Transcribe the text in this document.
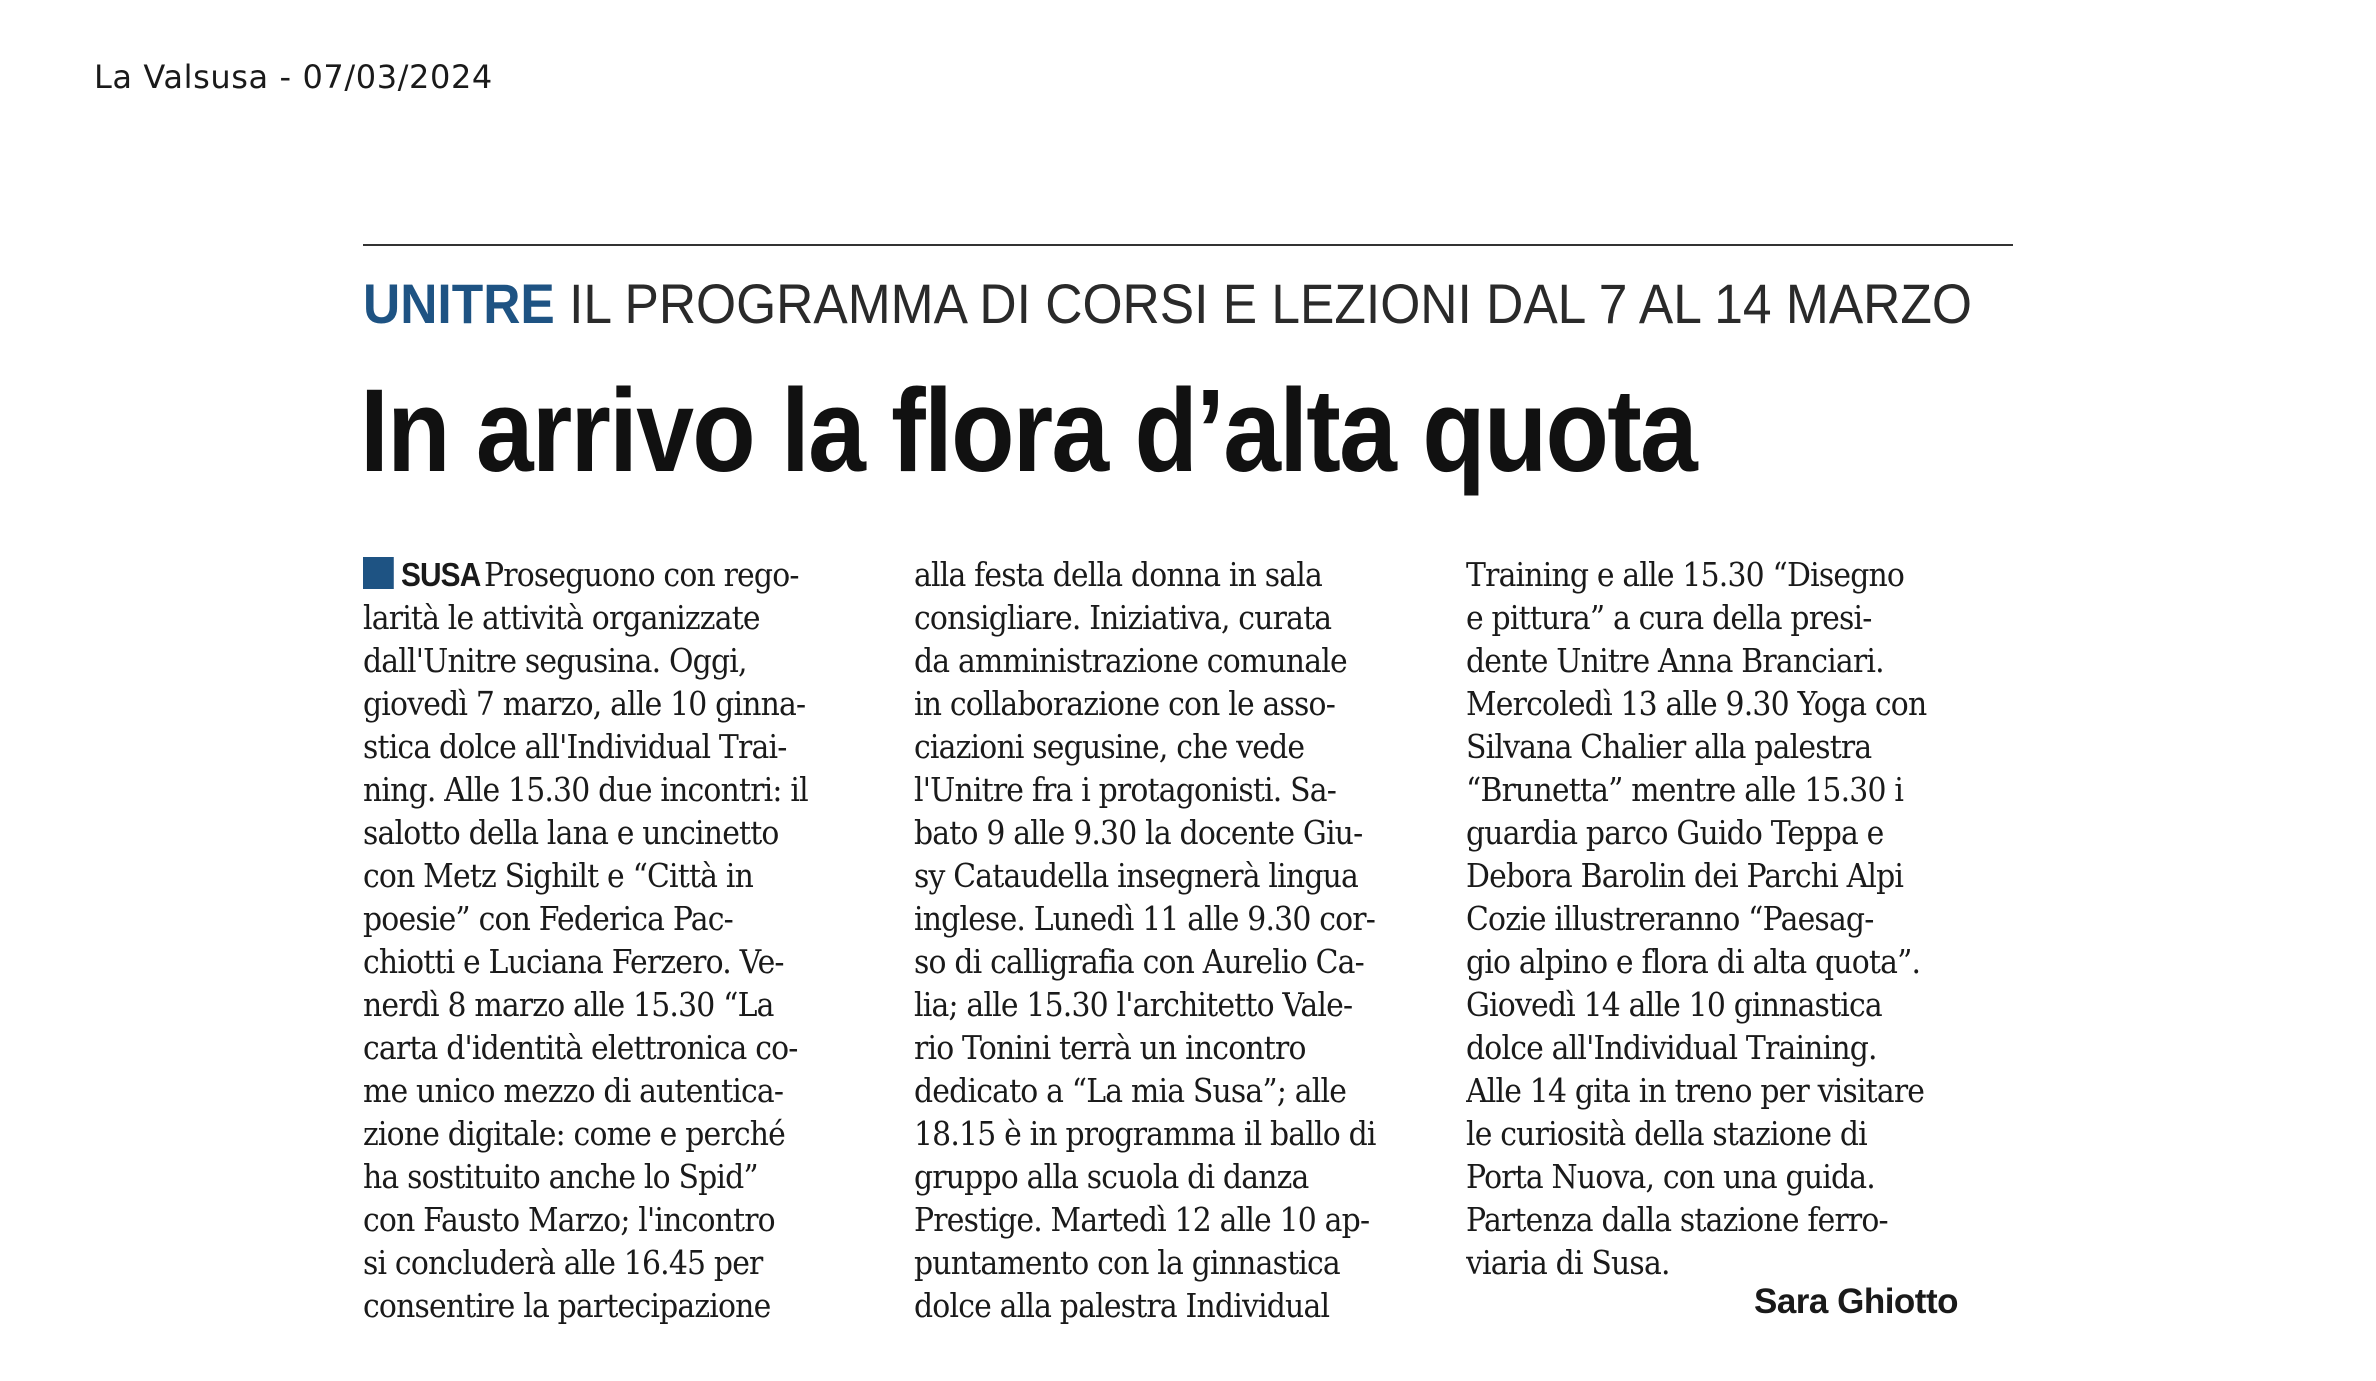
La Valsusa - 07/03/2024
UNITRE IL PROGRAMMA DI CORSI E LEZIONI DAL 7 AL 14 MARZO
In arrivo la flora d’alta quota
SUSA Proseguono con rego-
larità le attività organizzate
dall'Unitre segusina. Oggi,
giovedì 7 marzo, alle 10 ginna-
stica dolce all'Individual Trai-
ning. Alle 15.30 due incontri: il
salotto della lana e uncinetto
con Metz Sighilt e “Città in
poesie” con Federica Pac-
chiotti e Luciana Ferzero. Ve-
nerdì 8 marzo alle 15.30 “La
carta d'identità elettronica co-
me unico mezzo di autentica-
zione digitale: come e perché
ha sostituito anche lo Spid”
con Fausto Marzo; l'incontro
si concluderà alle 16.45 per
consentire la partecipazione
alla festa della donna in sala
consigliare. Iniziativa, curata
da amministrazione comunale
in collaborazione con le asso-
ciazioni segusine, che vede
l'Unitre fra i protagonisti. Sa-
bato 9 alle 9.30 la docente Giu-
sy Cataudella insegnerà lingua
inglese. Lunedì 11 alle 9.30 cor-
so di calligrafia con Aurelio Ca-
lia; alle 15.30 l'architetto Vale-
rio Tonini terrà un incontro
dedicato a “La mia Susa”; alle
18.15 è in programma il ballo di
gruppo alla scuola di danza
Prestige. Martedì 12 alle 10 ap-
puntamento con la ginnastica
dolce alla palestra Individual
Training e alle 15.30 “Disegno
e pittura” a cura della presi-
dente Unitre Anna Branciari.
Mercoledì 13 alle 9.30 Yoga con
Silvana Chalier alla palestra
“Brunetta” mentre alle 15.30 i
guardia parco Guido Teppa e
Debora Barolin dei Parchi Alpi
Cozie illustreranno “Paesag-
gio alpino e flora di alta quota”.
Giovedì 14 alle 10 ginnastica
dolce all'Individual Training.
Alle 14 gita in treno per visitare
le curiosità della stazione di
Porta Nuova, con una guida.
Partenza dalla stazione ferro-
viaria di Susa.
Sara Ghiotto
